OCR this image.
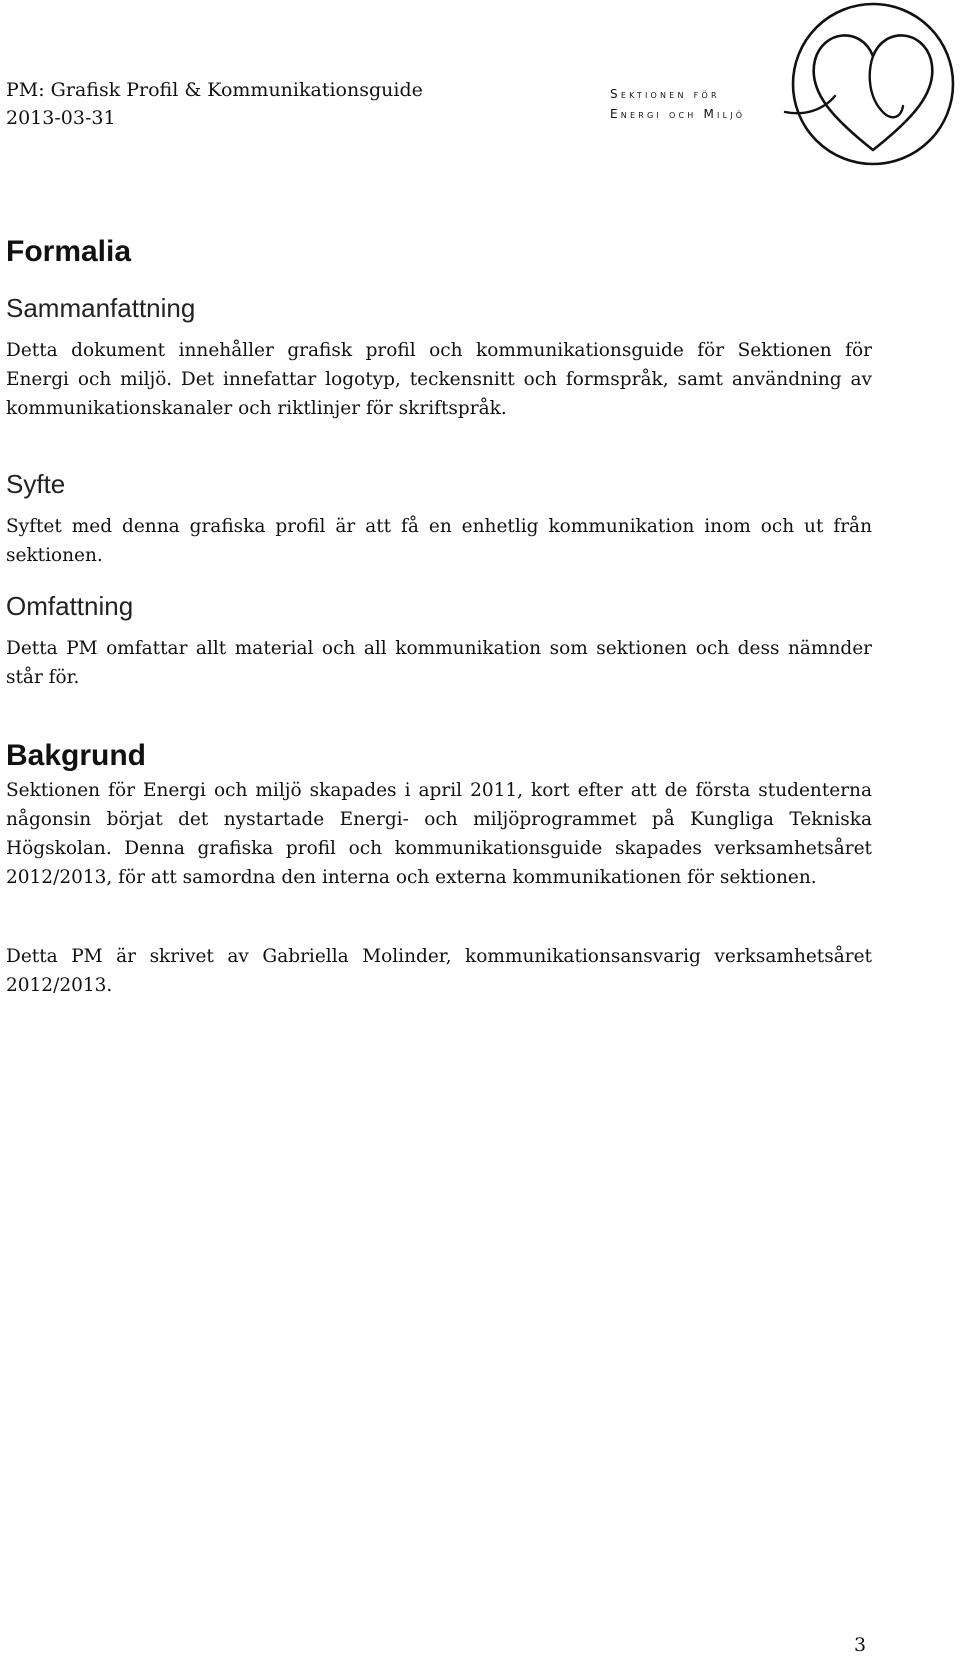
PM: Grafisk Profil & Kommunikationsguide
2013-03-31
Sektionen för
Energi och Miljö
Formalia
Sammanfattning

Detta dokument innehåller grafisk profil och kommunikationsguide för Sektionen för Energi och miljö. Det innefattar logotyp, teckensnitt och formspråk, samt användning av kommunikationskanaler och riktlinjer för skriftspråk.

Syfte

Syftet med denna grafiska profil är att få en enhetlig kommunikation inom och ut från sektionen.

Omfattning

Detta PM omfattar allt material och all kommunikation som sektionen och dess nämnder står för.

Bakgrund

Sektionen för Energi och miljö skapades i april 2011, kort efter att de första studenterna någonsin börjat det nystartade Energi- och miljöprogrammet på Kungliga Tekniska Högskolan. Denna grafiska profil och kommunikationsguide skapades verksamhetsåret 2012/2013, för att samordna den interna och externa kommunikationen för sektionen.

Detta PM är skrivet av Gabriella Molinder, kommunikationsansvarig verksamhetsåret 2012/2013.

3
